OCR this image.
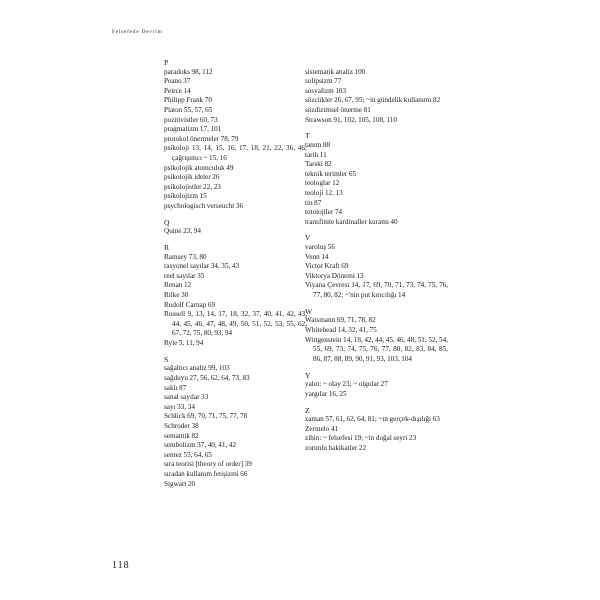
Felsefede Devrim
P

paradoks 98, 112

Peano 37

Peirce 14

Philipp Frank 70

Platon 55, 57, 65

pozitivistler 60, 73

pragmatizm 17, 101

protokol önermeler 78, 79

psikoloji 13, 14, 15, 16, 17, 18, 21, 22, 36, 46; çağrışımcı ~ 15, 16

psikolojik atomculuk 49

psikolojik ideler 26

psikolojistler 22, 23

psikolojizm 15

psychologisch verseucht 36

Q

Quine 23, 94

R

Ramsey 73, 80

rasyonel sayılar 34, 35, 43

reel sayılar 35

Renan 12

Rilke 30

Rudolf Carnap 69

Russell 9, 13, 14, 17, 18, 32, 37, 40, 41, 42, 43, 44, 45, 46, 47, 48, 49, 50, 51, 52, 53, 55, 62, 67, 72, 75, 80, 93, 94

Ryle 5, 11, 94

S

sağaltıcı analiz 99, 103

sağduyu 27, 56, 62, 64, 73, 83

saklı 87

sanal sayılar 33

sayı 33, 34

Schlick 69, 70, 71, 75, 77, 78

Schroder 38

semantik 82

sembolizm 37, 40, 41, 42

sentez 55, 64, 65

sıra teorisi [theory of order] 39

sıradan kullanım fetişizmi 66

Sigwart 20

sistematik analiz 100

solipsizm 77

sosyalizm 103

sözcükler 26, 67, 95; ~in gündelik kullanımı 82

sözdizimsel önerme 81

Strawson 91, 102, 105, 108, 110

T

tanım 88

tarih 11

Tarski 82

teknik terimler 65

teologlar 12

teoloji 12, 13

tin 87

totolojiler 74

transfinite kardinaller kuramı 40

V

varoluş 56

Venn 14

Victor Kraft 69

Viktorya Dönemi 13

Viyana Çevresi 14, 17, 69, 70, 71, 73, 74, 75, 76, 77, 80, 82; ~'nin put kırıcılığı 14

W

Waismann 69, 71, 78, 82

Whitehead 14, 32, 41, 75

Wittgenstein 14, 18, 42, 44, 45, 46, 48, 51, 52, 54, 55, 69, 73, 74, 75, 76, 77, 80, 82, 83, 84, 85, 86, 87, 88, 89, 90, 91, 93, 103, 104

Y

yalın: ~ olay 23; ~ olgular 27

yargılar 16, 25

Z

zaman 57, 61, 62, 64, 81; ~ın gerçek-dışılığı 63

Zermelo 41

zihin: ~ felsefesi 19; ~in doğal seyri 23

zorunlu hakikatler 22

118
